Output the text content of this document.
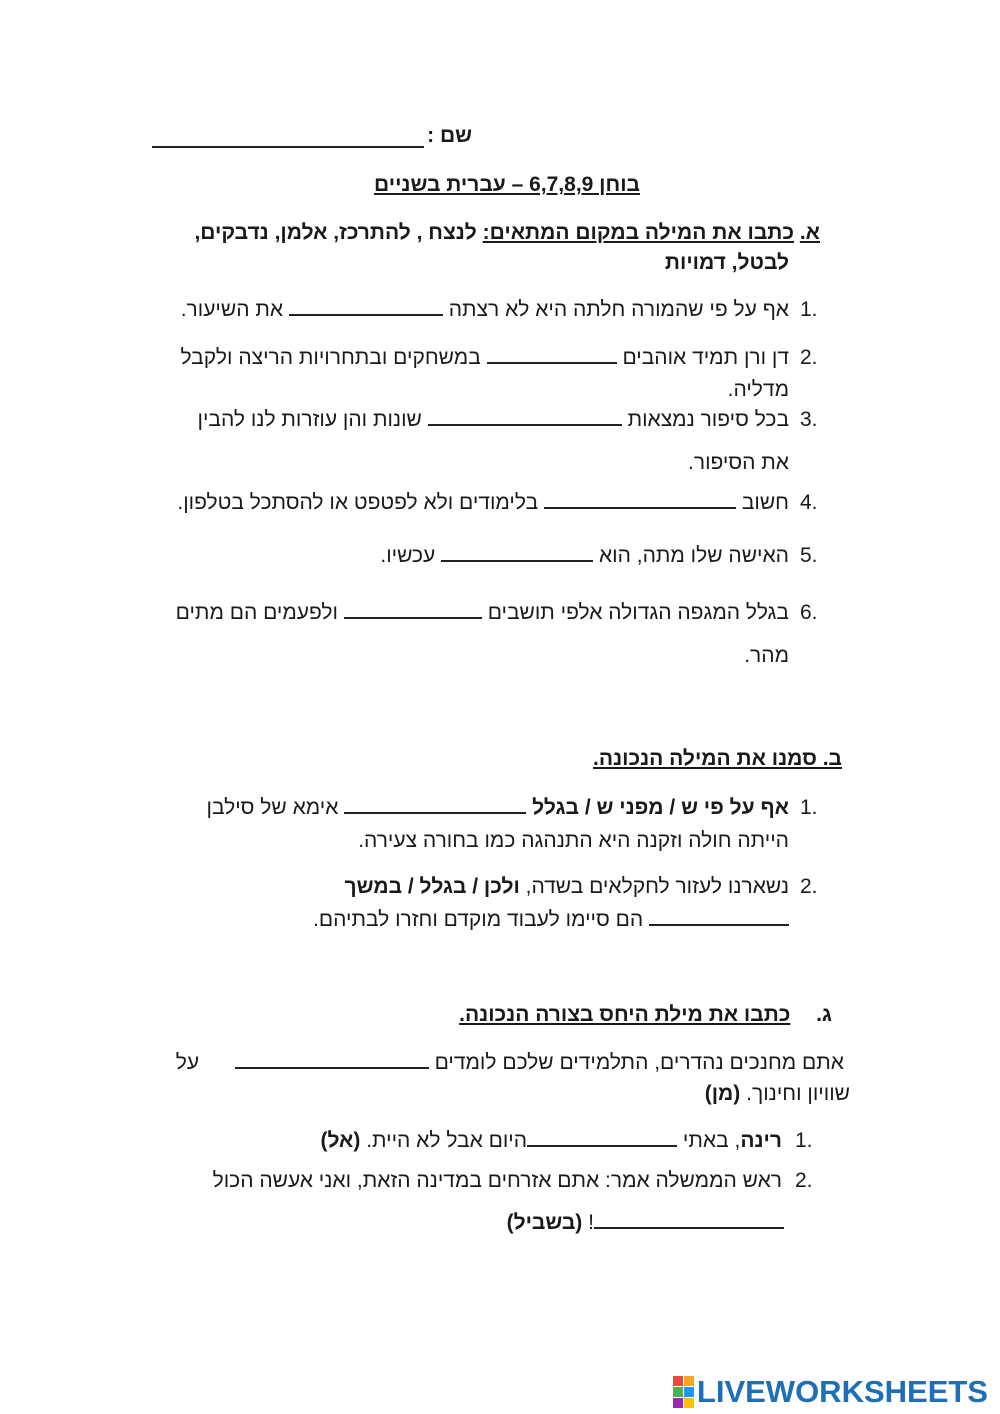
שם :
בוחן 6,7,8,9 – עברית בשניים
א. כתבו את המילה במקום המתאים: לנצח , להתרכז, אלמן, נדבקים,
לבטל, דמויות
1.
אף על פי שהמורה חלתה היא לא רצתה  את השיעור.
2.
דן ורן תמיד אוהבים  במשחקים ובתחרויות הריצה ולקבל
מדליה.
3.
בכל סיפור נמצאות  שונות והן עוזרות לנו להבין
את הסיפור.
4.
חשוב  בלימודים ולא לפטפט או להסתכל בטלפון.
5.
האישה שלו מתה, הוא  עכשיו.
6.
בגלל המגפה הגדולה אלפי תושבים  ולפעמים הם מתים
מהר.
ב. סמנו את המילה הנכונה.
1.
אף על פי ש / מפני ש / בגלל  אימא של סילבן
הייתה חולה וזקנה היא התנהגה כמו בחורה צעירה.
2.
נשארנו לעזור לחקלאים בשדה, ולכן / בגלל / במשך
הם סיימו לעבוד מוקדם וחזרו לבתיהם.
ג.  כתבו את מילת היחס בצורה הנכונה.
אתם מחנכים נהדרים, התלמידים שלכם לומדים   על
שוויון וחינוך. (מן)
1.
רינה, באתי היום אבל לא היית. (אל)
2.
ראש הממשלה אמר: אתם אזרחים במדינה הזאת, ואני אעשה הכול
! (בשביל)
LIVEWORKSHEETS
